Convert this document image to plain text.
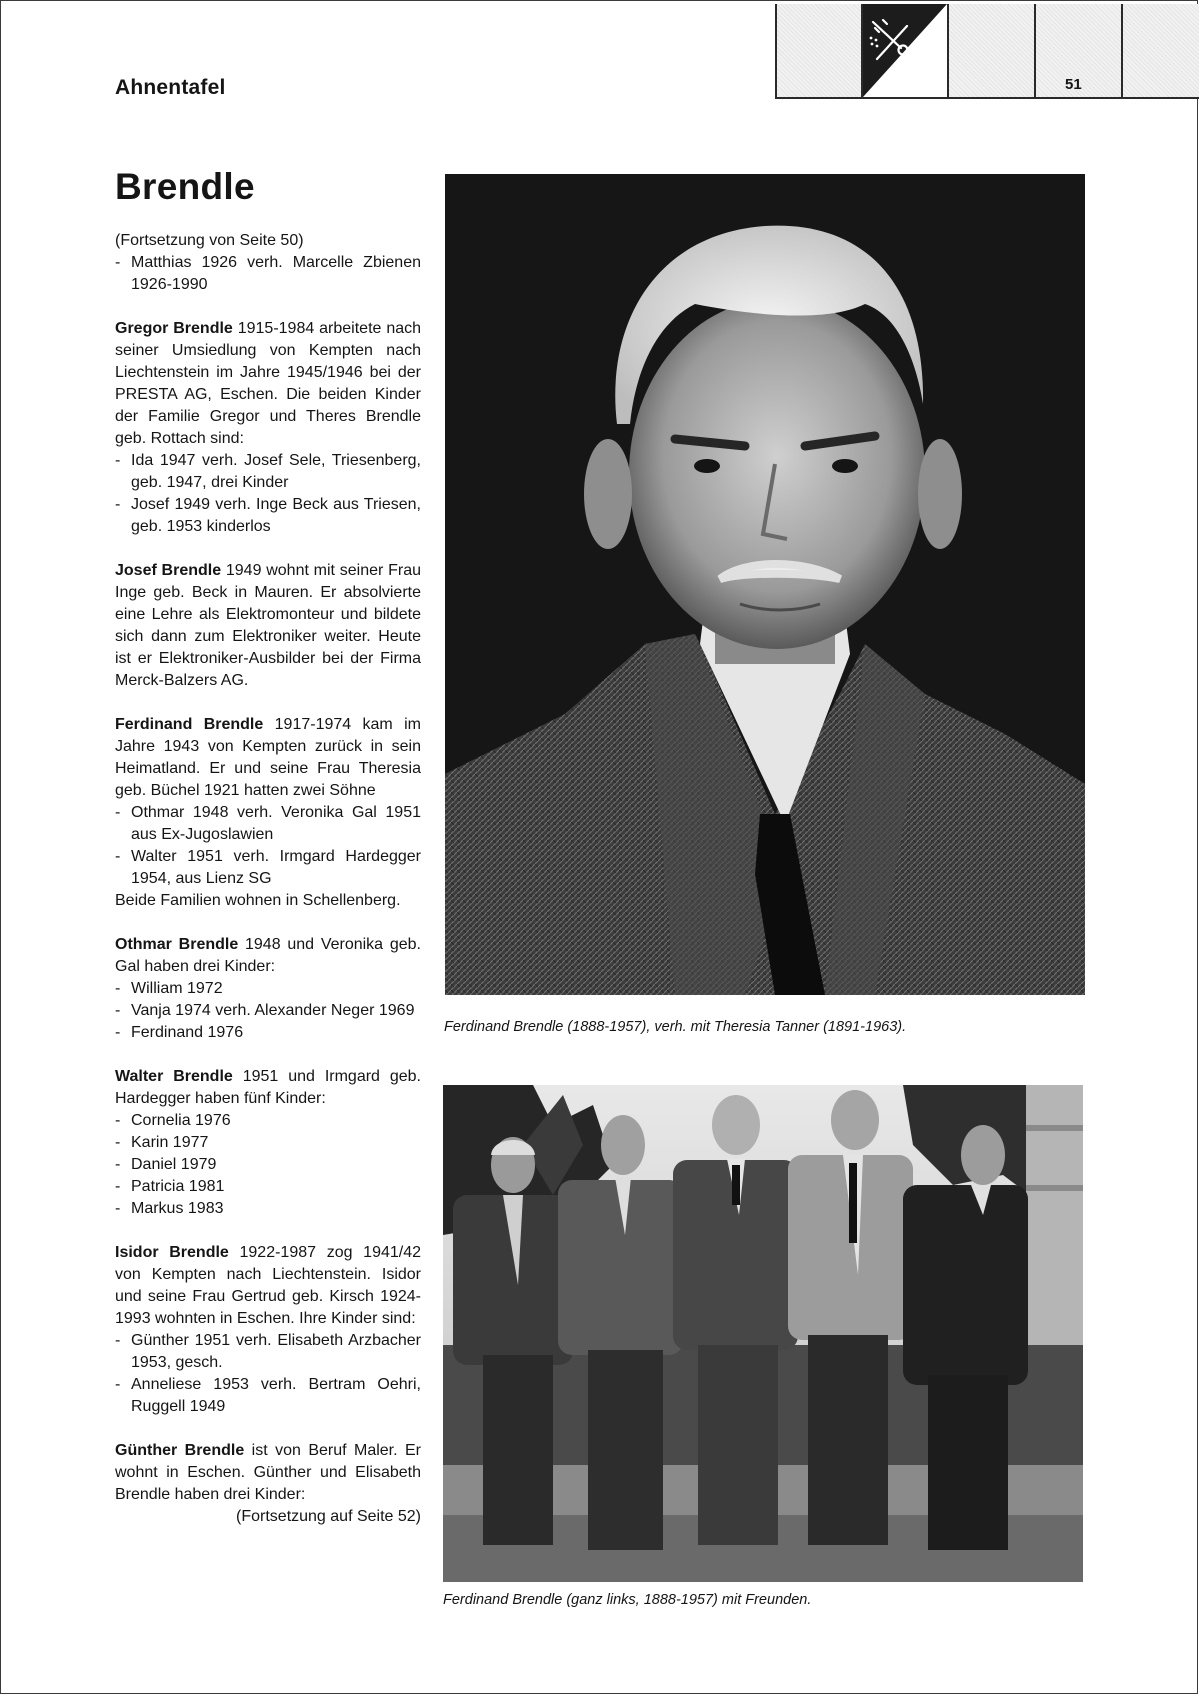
Ahnentafel	51
Brendle

(Fortsetzung von Seite 50)

- Matthias 1926 verh. Marcelle Zbienen 1926-1990

Gregor Brendle 1915-1984 arbeitete nach seiner Umsiedlung von Kempten nach Liechtenstein im Jahre 1945/1946 bei der PRESTA AG, Eschen. Die beiden Kinder der Familie Gregor und Theres Brendle geb. Rottach sind:

- Ida 1947 verh. Josef Sele, Triesenberg, geb. 1947, drei Kinder
- Josef 1949 verh. Inge Beck aus Triesen, geb. 1953 kinderlos

Josef Brendle 1949 wohnt mit seiner Frau Inge geb. Beck in Mauren. Er absolvierte eine Lehre als Elektromonteur und bildete sich dann zum Elektroniker weiter. Heute ist er Elektroniker-Ausbilder bei der Firma Merck-Balzers AG.

Ferdinand Brendle 1917-1974 kam im Jahre 1943 von Kempten zurück in sein Heimatland. Er und seine Frau Theresia geb. Büchel 1921 hatten zwei Söhne

- Othmar 1948 verh. Veronika Gal 1951 aus Ex-Jugoslawien
- Walter 1951 verh. Irmgard Hardegger 1954, aus Lienz SG

Beide Familien wohnen in Schellenberg.

Othmar Brendle 1948 und Veronika geb. Gal haben drei Kinder:

- William 1972
- Vanja 1974 verh. Alexander Neger 1969
- Ferdinand 1976

Walter Brendle 1951 und Irmgard geb. Hardegger haben fünf Kinder:

- Cornelia 1976
- Karin 1977
- Daniel 1979
- Patricia 1981
- Markus 1983

Isidor Brendle 1922-1987 zog 1941/42 von Kempten nach Liechtenstein. Isidor und seine Frau Gertrud geb. Kirsch 1924-1993 wohnten in Eschen. Ihre Kinder sind:

- Günther 1951 verh. Elisabeth Arzbacher 1953, gesch.
- Anneliese 1953 verh. Bertram Oehri, Ruggell 1949

Günther Brendle ist von Beruf Maler. Er wohnt in Eschen. Günther und Elisabeth Brendle haben drei Kinder:

(Fortsetzung auf Seite 52)

Ferdinand Brendle (1888-1957), verh. mit Theresia Tanner (1891-1963).
Ferdinand Brendle (ganz links, 1888-1957) mit Freunden.
